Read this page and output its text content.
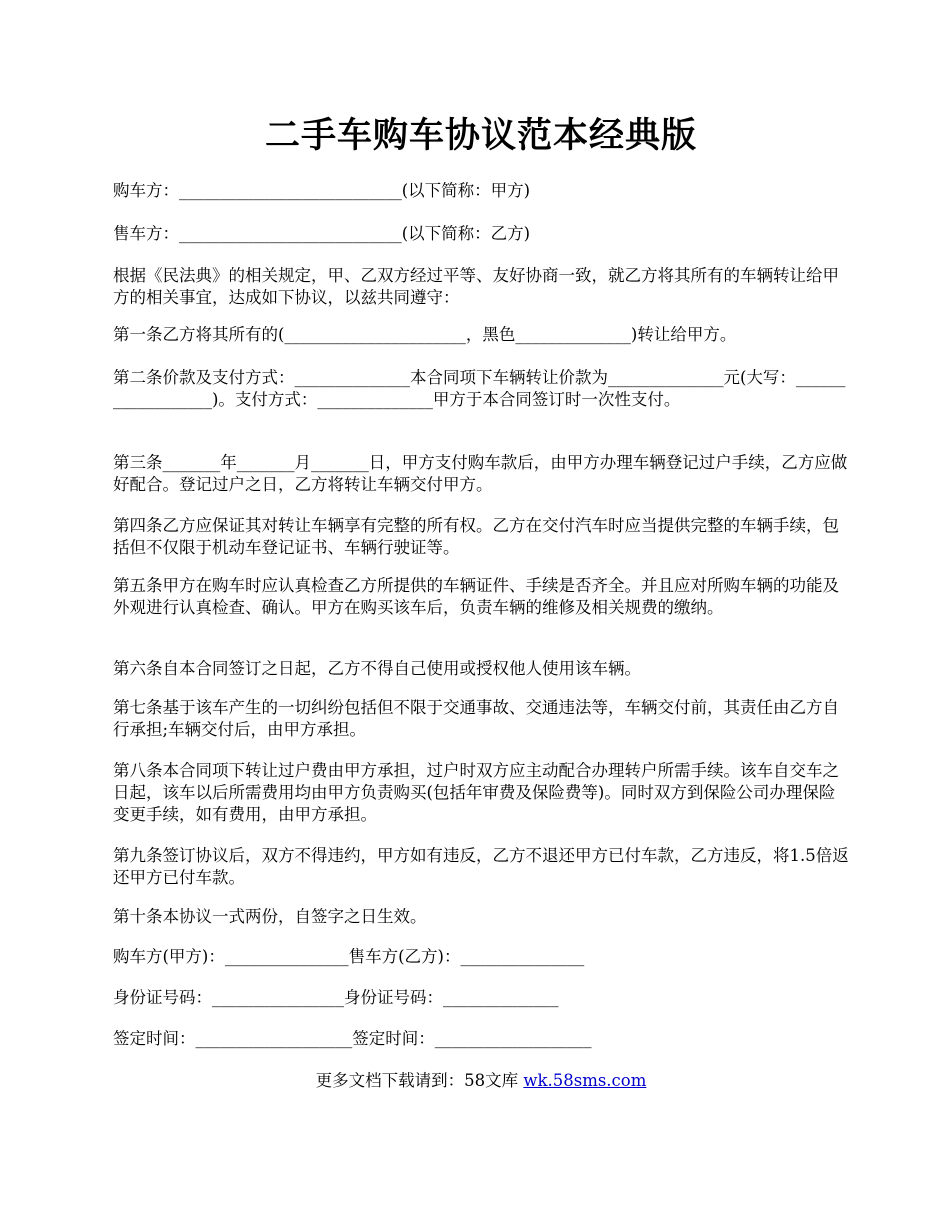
二手车购车协议范本经典版

购车方：___________________________(以下简称：甲方)

售车方：___________________________(以下简称：乙方)

根据《民法典》的相关规定，甲、乙双方经过平等、友好协商一致，就乙方将其所有的车辆转让给甲方的相关事宜，达成如下协议，以兹共同遵守：

第一条乙方将其所有的(______________________，黑色______________)转让给甲方。

第二条价款及支付方式：______________本合同项下车辆转让价款为______________元(大写：__________________)。支付方式：______________甲方于本合同签订时一次性支付。

第三条_______年_______月_______日，甲方支付购车款后，由甲方办理车辆登记过户手续，乙方应做好配合。登记过户之日，乙方将转让车辆交付甲方。

第四条乙方应保证其对转让车辆享有完整的所有权。乙方在交付汽车时应当提供完整的车辆手续，包括但不仅限于机动车登记证书、车辆行驶证等。

第五条甲方在购车时应认真检查乙方所提供的车辆证件、手续是否齐全。并且应对所购车辆的功能及外观进行认真检查、确认。甲方在购买该车后，负责车辆的维修及相关规费的缴纳。

第六条自本合同签订之日起，乙方不得自己使用或授权他人使用该车辆。

第七条基于该车产生的一切纠纷包括但不限于交通事故、交通违法等，车辆交付前，其责任由乙方自行承担;车辆交付后，由甲方承担。

第八条本合同项下转让过户费由甲方承担，过户时双方应主动配合办理转户所需手续。该车自交车之日起，该车以后所需费用均由甲方负责购买(包括年审费及保险费等)。同时双方到保险公司办理保险变更手续，如有费用，由甲方承担。

第九条签订协议后，双方不得违约，甲方如有违反，乙方不退还甲方已付车款，乙方违反，将1.5倍返还甲方已付车款。

第十条本协议一式两份，自签字之日生效。

购车方(甲方)：_______________售车方(乙方)：_______________

身份证号码：________________身份证号码：______________

签定时间：___________________签定时间：___________________

更多文档下载请到：58文库 wk.58sms.com
